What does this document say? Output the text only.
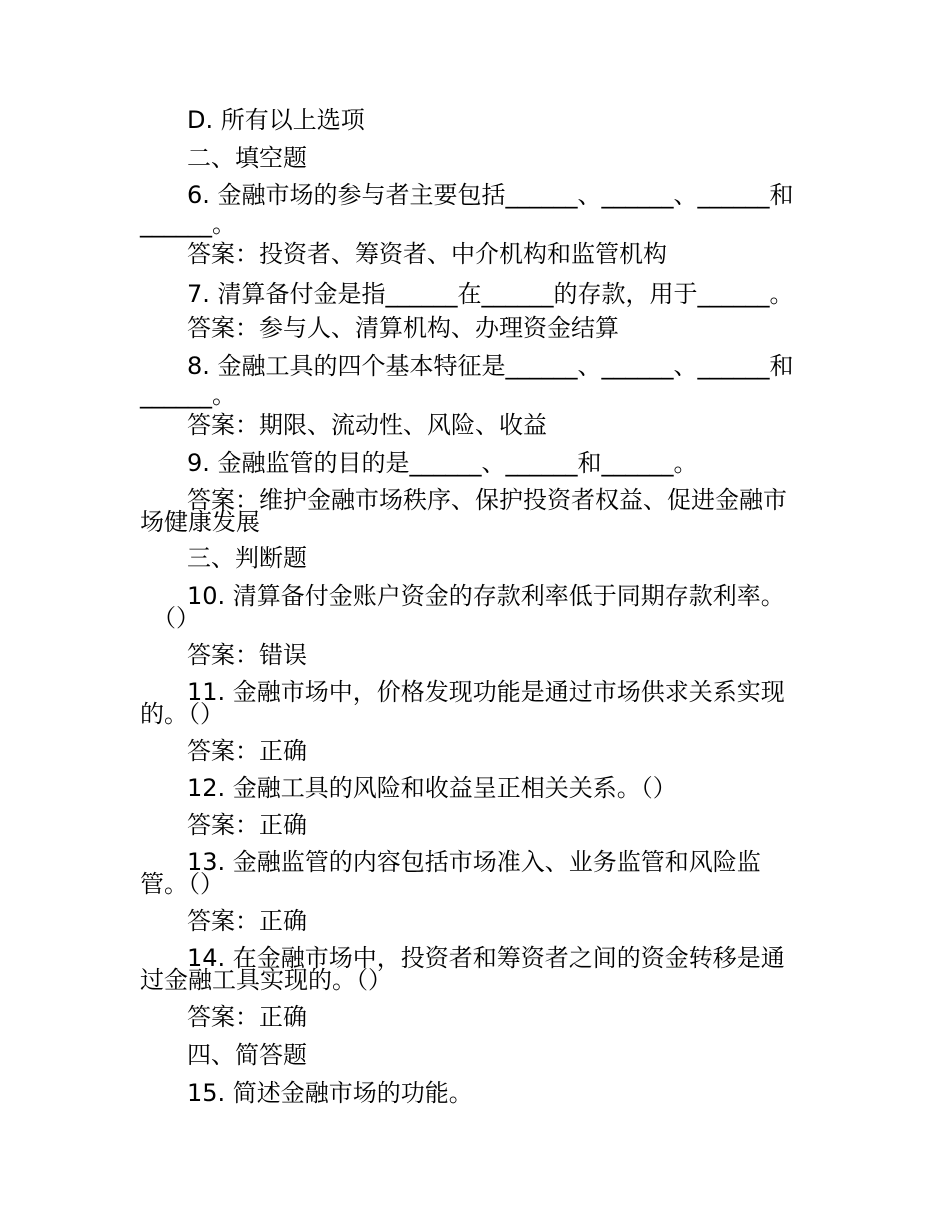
D. 所有以上选项

二、填空题

6. 金融市场的参与者主要包括______、______、______和

______。

答案：投资者、筹资者、中介机构和监管机构

7. 清算备付金是指______在______的存款，用于______。

答案：参与人、清算机构、办理资金结算

8. 金融工具的四个基本特征是______、______、______和

______。

答案：期限、流动性、风险、收益

9. 金融监管的目的是______、______和______。

答案：维护金融市场秩序、保护投资者权益、促进金融市

场健康发展

三、判断题

10. 清算备付金账户资金的存款利率低于同期存款利率。

（）

答案：错误

11. 金融市场中，价格发现功能是通过市场供求关系实现

的。（）

答案：正确

12. 金融工具的风险和收益呈正相关关系。（）

答案：正确

13. 金融监管的内容包括市场准入、业务监管和风险监

管。（）

答案：正确

14. 在金融市场中，投资者和筹资者之间的资金转移是通

过金融工具实现的。（）

答案：正确

四、简答题

15. 简述金融市场的功能。
